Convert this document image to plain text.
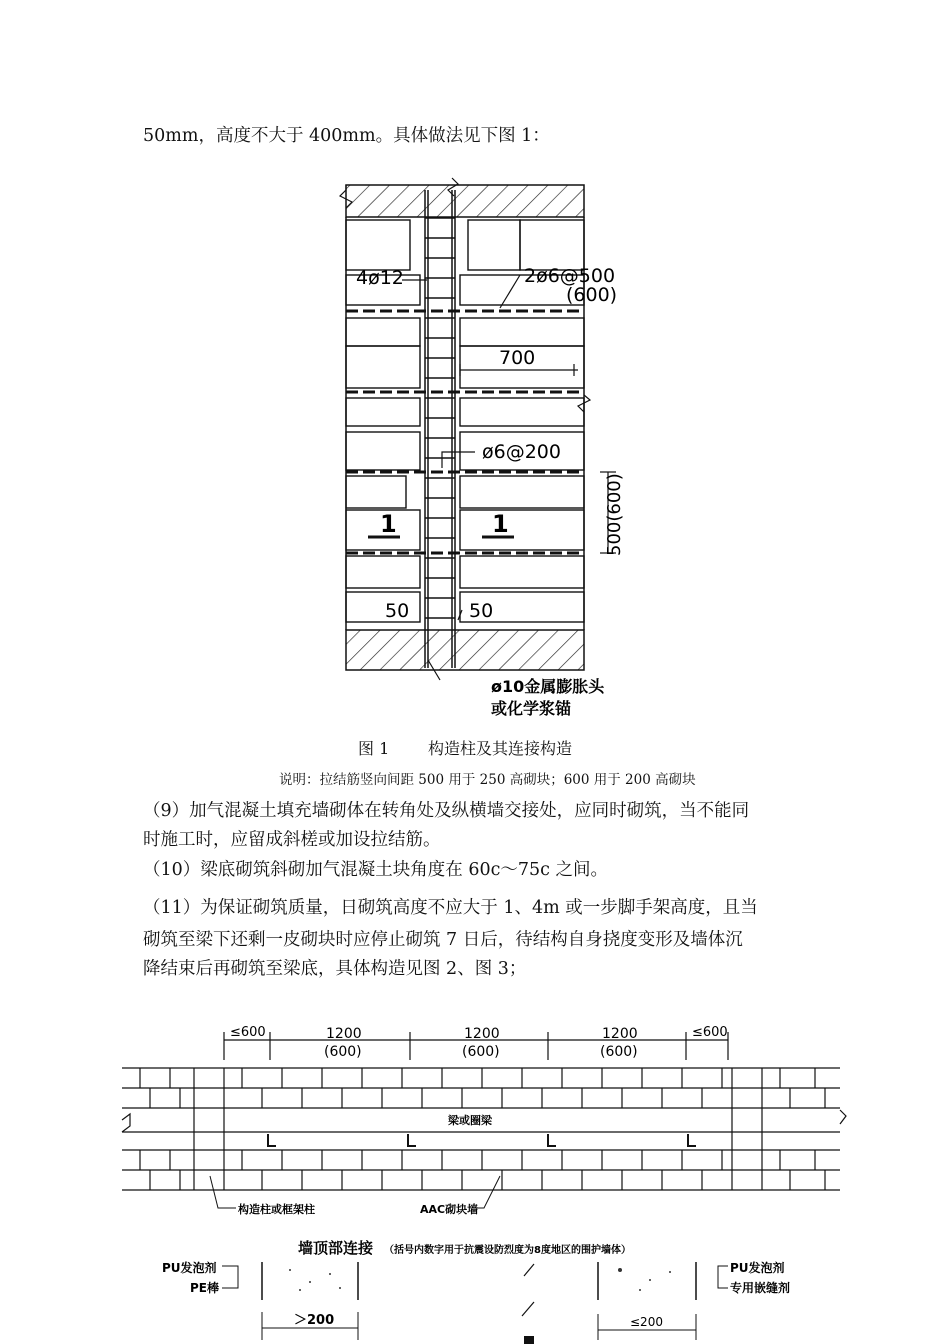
50mm，高度不大于 400mm。具体做法见下图 1：
4ø12	2ø6@500
(600)
700
ø6@200
1	1
50	50
ø10金属膨胀头
或化学浆锚
500(600)
图 1 构造柱及其连接构造
说明：拉结筋竖向间距 500 用于 250 高砌块；600 用于 200 高砌块
（9）加气混凝土填充墙砌体在转角处及纵横墙交接处，应同时砌筑，当不能同
时施工时，应留成斜槎或加设拉结筋。
（10）梁底砌筑斜砌加气混凝土块角度在 60c～75c 之间。
（11）为保证砌筑质量，日砌筑高度不应大于 1、4m 或一步脚手架高度，且当
砌筑至梁下还剩一皮砌块时应停止砌筑 7 日后，待结构自身挠度变形及墙体沉
降结束后再砌筑至梁底，具体构造见图 2、图 3；
≤600	1200	1200	1200	≤600
(600)	(600)	(600)
梁或圈梁
构造柱或框架柱	AAC砌块墙
墙顶部连接 （括号内数字用于抗震设防烈度为8度地区的围护墙体）
PU发泡剂
PE棒
＞200
PU发泡剂
专用嵌缝剂
≤200
